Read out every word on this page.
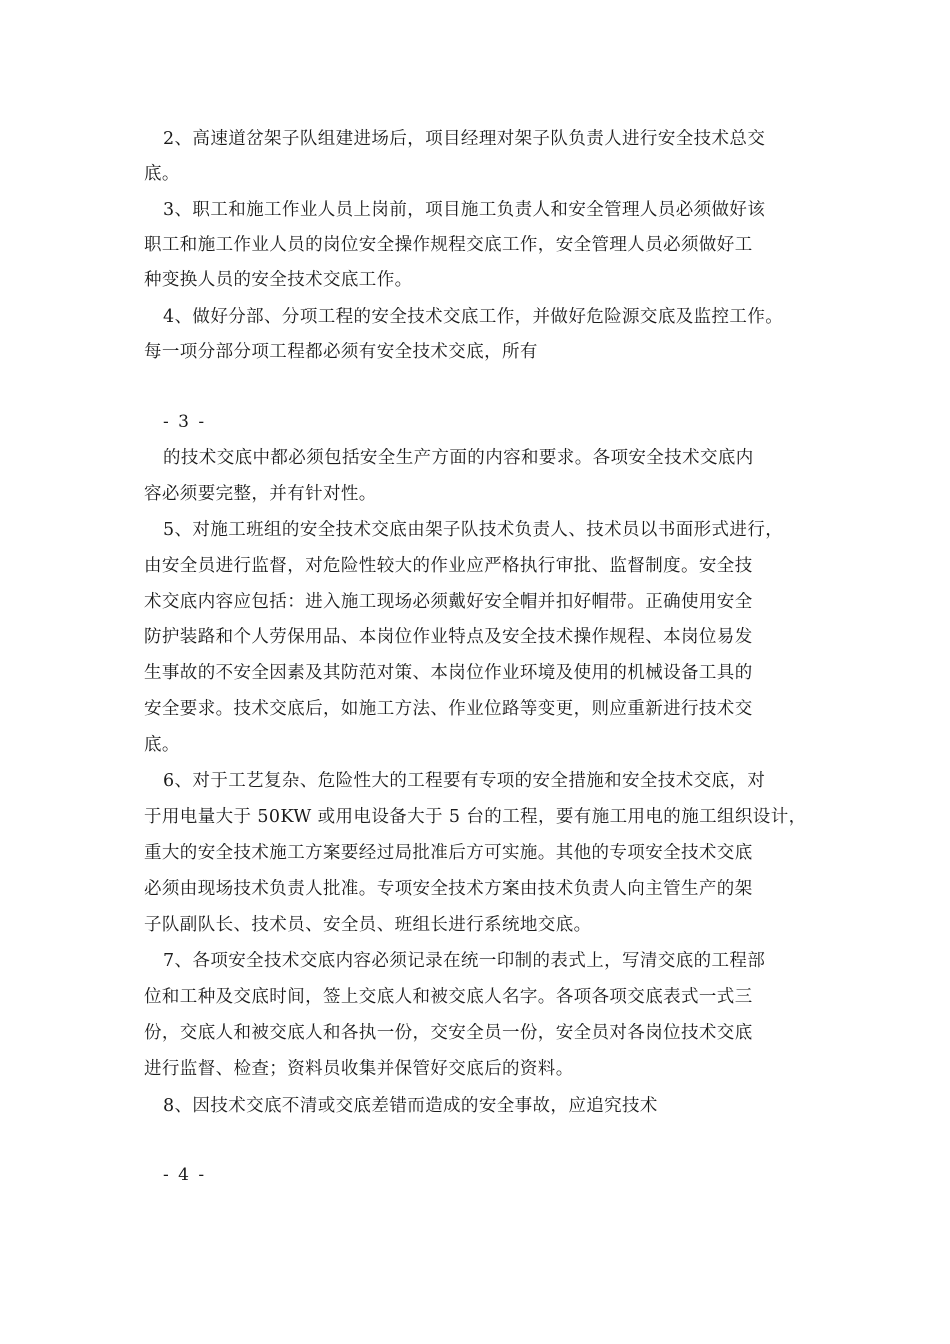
2、高速道岔架子队组建进场后，项目经理对架子队负责人进行安全技术总交
底。
3、职工和施工作业人员上岗前，项目施工负责人和安全管理人员必须做好该
职工和施工作业人员的岗位安全操作规程交底工作，安全管理人员必须做好工
种变换人员的安全技术交底工作。
4、做好分部、分项工程的安全技术交底工作，并做好危险源交底及监控工作。
每一项分部分项工程都必须有安全技术交底，所有
- 3 -
的技术交底中都必须包括安全生产方面的内容和要求。各项安全技术交底内
容必须要完整，并有针对性。
5、对施工班组的安全技术交底由架子队技术负责人、技术员以书面形式进行，
由安全员进行监督，对危险性较大的作业应严格执行审批、监督制度。安全技
术交底内容应包括：进入施工现场必须戴好安全帽并扣好帽带。正确使用安全
防护装路和个人劳保用品、本岗位作业特点及安全技术操作规程、本岗位易发
生事故的不安全因素及其防范对策、本岗位作业环境及使用的机械设备工具的
安全要求。技术交底后，如施工方法、作业位路等变更，则应重新进行技术交
底。
6、对于工艺复杂、危险性大的工程要有专项的安全措施和安全技术交底，对
于用电量大于 50KW 或用电设备大于 5 台的工程，要有施工用电的施工组织设计，
重大的安全技术施工方案要经过局批准后方可实施。其他的专项安全技术交底
必须由现场技术负责人批准。专项安全技术方案由技术负责人向主管生产的架
子队副队长、技术员、安全员、班组长进行系统地交底。
7、各项安全技术交底内容必须记录在统一印制的表式上，写清交底的工程部
位和工种及交底时间，签上交底人和被交底人名字。各项各项交底表式一式三
份，交底人和被交底人和各执一份，交安全员一份，安全员对各岗位技术交底
进行监督、检查；资料员收集并保管好交底后的资料。
8、因技术交底不清或交底差错而造成的安全事故，应追究技术
- 4 -
